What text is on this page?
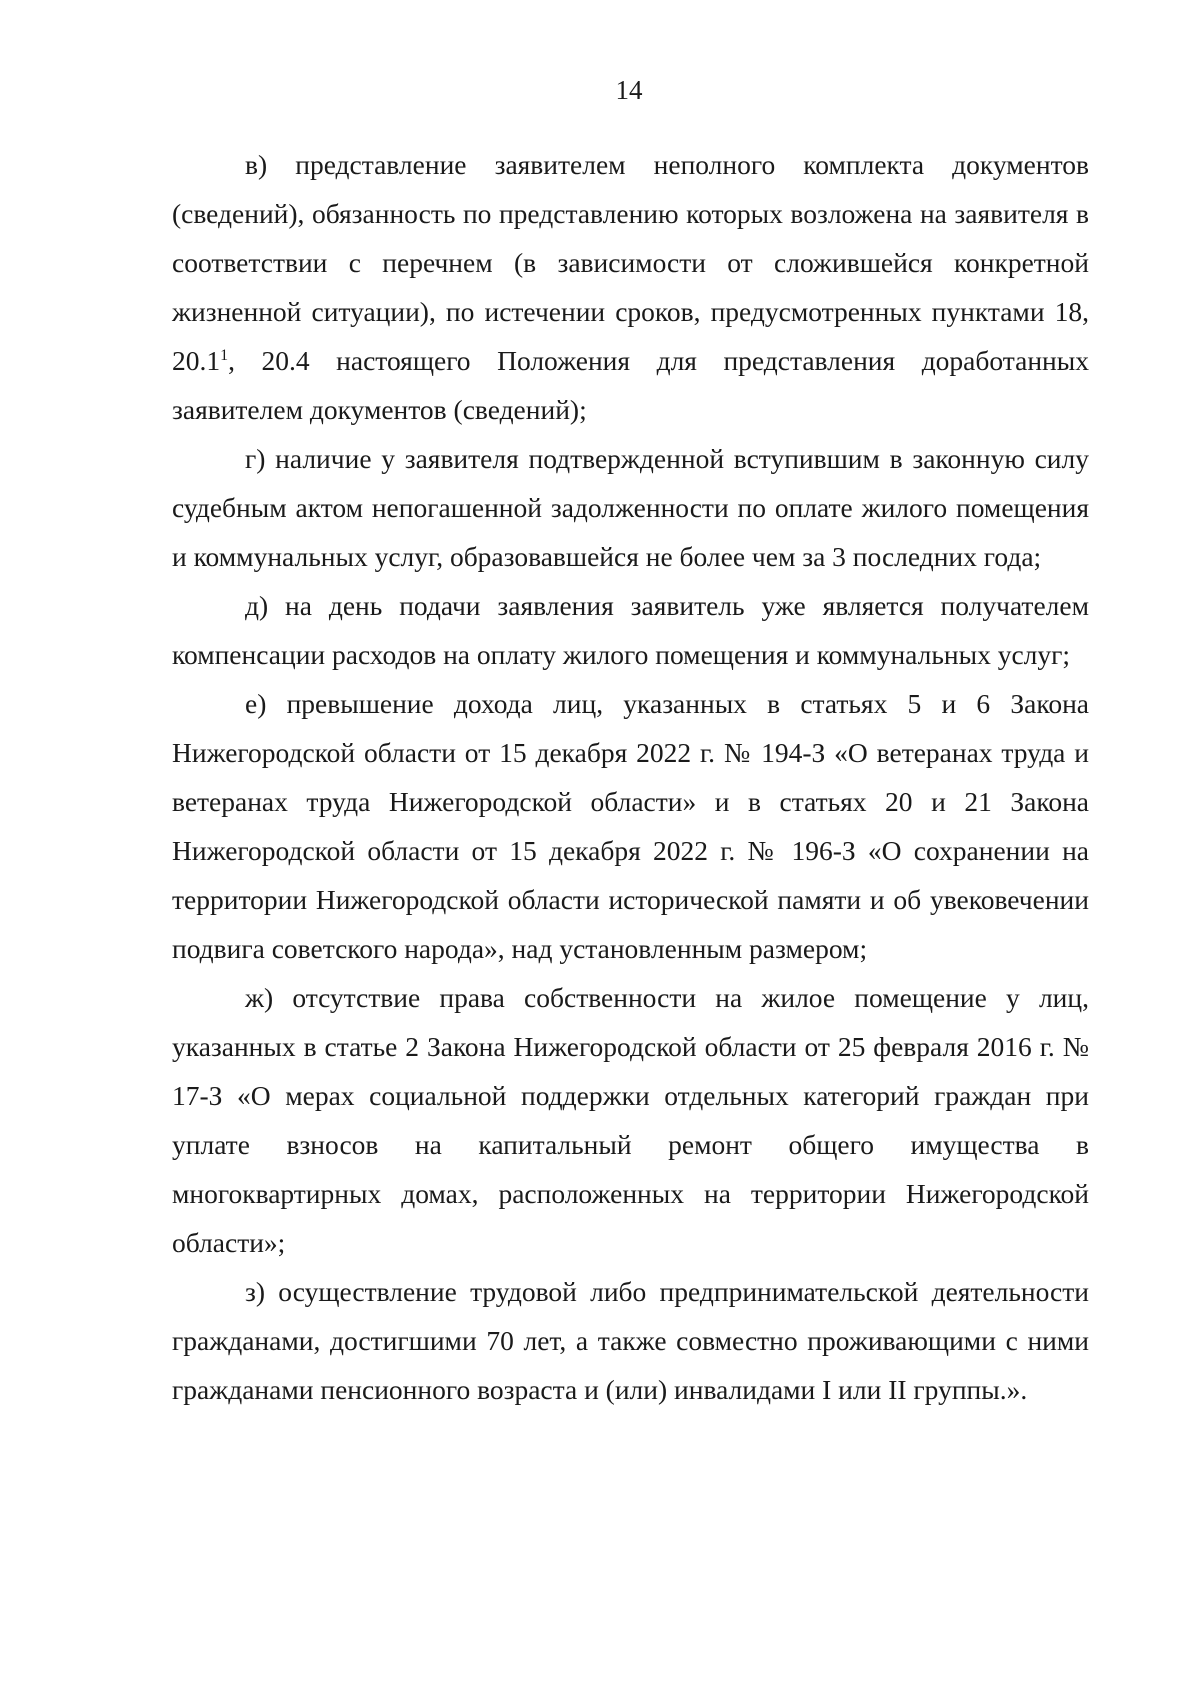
14

в) представление заявителем неполного комплекта документов (сведений), обязанность по представлению которых возложена на заявителя в соответствии с перечнем (в зависимости от сложившейся конкретной жизненной ситуации), по истечении сроков, предусмотренных пунктами 18, 20.1$^1$, 20.4 настоящего Положения для представления доработанных заявителем документов (сведений);

г) наличие у заявителя подтвержденной вступившим в законную силу судебным актом непогашенной задолженности по оплате жилого помещения и коммунальных услуг, образовавшейся не более чем за 3 последних года;

д) на день подачи заявления заявитель уже является получателем компенсации расходов на оплату жилого помещения и коммунальных услуг;

е) превышение дохода лиц, указанных в статьях 5 и 6 Закона Нижегородской области от 15 декабря 2022 г. № 194-З «О ветеранах труда и ветеранах труда Нижегородской области» и в статьях 20 и 21 Закона Нижегородской области от 15 декабря 2022 г. № 196-З «О сохранении на территории Нижегородской области исторической памяти и об увековечении подвига советского народа», над установленным размером;

ж) отсутствие права собственности на жилое помещение у лиц, указанных в статье 2 Закона Нижегородской области от 25 февраля 2016 г. № 17-З «О мерах социальной поддержки отдельных категорий граждан при уплате взносов на капитальный ремонт общего имущества в многоквартирных домах, расположенных на территории Нижегородской области»;

з) осуществление трудовой либо предпринимательской деятельности гражданами, достигшими 70 лет, а также совместно проживающими с ними гражданами пенсионного возраста и (или) инвалидами I или II группы.».
